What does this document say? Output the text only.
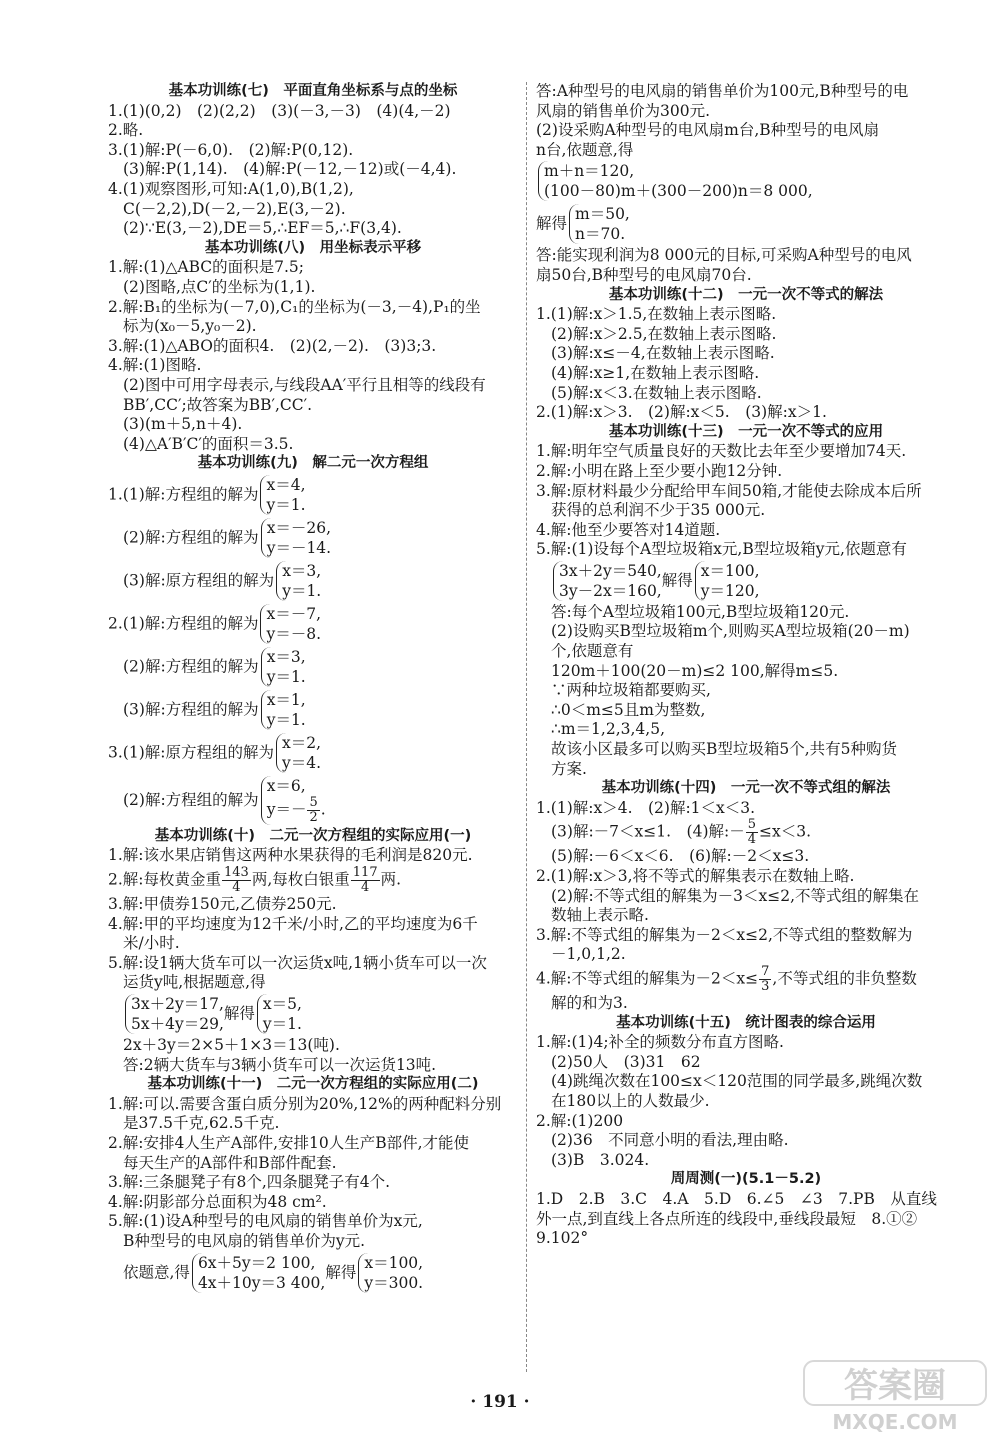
基本功训练(七)　平面直角坐标系与点的坐标
1.(1)(0,2)　(2)(2,2)　(3)(－3,－3)　(4)(4,－2)
2.略.
3.(1)解:P(－6,0).　(2)解:P(0,12).
(3)解:P(1,14).　(4)解:P(－12,－12)或(－4,4).
4.(1)观察图形,可知:A(1,0),B(1,2),
C(－2,2),D(－2,－2),E(3,－2).
(2)∵E(3,－2),DE＝5,∴EF＝5,∴F(3,4).
基本功训练(八)　用坐标表示平移
1.解:(1)△ABC的面积是7.5;
(2)图略,点C′的坐标为(1,1).
2.解:B₁的坐标为(－7,0),C₁的坐标为(－3,－4),P₁的坐
标为(x₀－5,y₀－2).
3.解:(1)△ABO的面积4.　(2)(2,－2).　(3)3;3.
4.解:(1)图略.
(2)图中可用字母表示,与线段AA′平行且相等的线段有
BB′,CC′;故答案为BB′,CC′.
(3)(m＋5,n＋4).
(4)△A′B′C′的面积＝3.5.
基本功训练(九)　解二元一次方程组
1.(1)解:方程组的解为
x＝4,
y＝1.
(2)解:方程组的解为
x＝－26,
y＝－14.
(3)解:原方程组的解为
x＝3,
y＝1.
2.(1)解:方程组的解为
x＝－7,
y＝－8.
(2)解:方程组的解为
x＝3,
y＝1.
(3)解:方程组的解为
x＝1,
y＝1.
3.(1)解:原方程组的解为
x＝2,
y＝4.
(2)解:方程组的解为
x＝6,
$y=- \frac{5}{2}$ .
基本功训练(十)　二元一次方程组的实际应用(一)
1.解:该水果店销售这两种水果获得的毛利润是820元.
2.解:每枚黄金重 $\frac{143}{4}$ 两,每枚白银重 $\frac{117}{4}$ 两.
3.解:甲债券150元,乙债券250元.
4.解:甲的平均速度为12千米/小时,乙的平均速度为6千
米/小时.
5.解:设1辆大货车可以一次运货x吨,1辆小货车可以一次
运货y吨,根据题意,得
3x＋2y＝17,
5x＋4y＝29,
解得
x＝5,
y＝1.
2x＋3y＝2×5＋1×3＝13(吨).
答:2辆大货车与3辆小货车可以一次运货13吨.
基本功训练(十一)　二元一次方程组的实际应用(二)
1.解:可以.需要含蛋白质分别为20%,12%的两种配料分别
是37.5千克,62.5千克.
2.解:安排4人生产A部件,安排10人生产B部件,才能使
每天生产的A部件和B部件配套.
3.解:三条腿凳子有8个,四条腿凳子有4个.
4.解:阴影部分总面积为48 cm².
5.解:(1)设A种型号的电风扇的销售单价为x元,
B种型号的电风扇的销售单价为y元.
依题意,得
6x＋5y＝2 100,
4x＋10y＝3 400,
解得
x＝100,
y＝300.
答:A种型号的电风扇的销售单价为100元,B种型号的电
风扇的销售单价为300元.
(2)设采购A种型号的电风扇m台,B种型号的电风扇
n台,依题意,得
m＋n＝120,
(100－80)m＋(300－200)n＝8 000,
解得
m＝50,
n＝70.
答:能实现利润为8 000元的目标,可采购A种型号的电风
扇50台,B种型号的电风扇70台.
基本功训练(十二)　一元一次不等式的解法
1.(1)解:x＞1.5,在数轴上表示图略.
(2)解:x＞2.5,在数轴上表示图略.
(3)解:x≤－4,在数轴上表示图略.
(4)解:x≥1,在数轴上表示图略.
(5)解:x＜3.在数轴上表示图略.
2.(1)解:x＞3.　(2)解:x＜5.　(3)解:x＞1.
基本功训练(十三)　一元一次不等式的应用
1.解:明年空气质量良好的天数比去年至少要增加74天.
2.解:小明在路上至少要小跑12分钟.
3.解:原材料最少分配给甲车间50箱,才能使去除成本后所
获得的总利润不少于35 000元.
4.解:他至少要答对14道题.
5.解:(1)设每个A型垃圾箱x元,B型垃圾箱y元,依题意有
3x＋2y＝540,
3y－2x＝160,
解得
x＝100,
y＝120,
答:每个A型垃圾箱100元,B型垃圾箱120元.
(2)设购买B型垃圾箱m个,则购买A型垃圾箱(20－m)
个,依题意有
120m＋100(20－m)≤2 100,解得m≤5.
∵两种垃圾箱都要购买,
∴0＜m≤5且m为整数,
∴m＝1,2,3,4,5,
故该小区最多可以购买B型垃圾箱5个,共有5种购货
方案.
基本功训练(十四)　一元一次不等式组的解法
1.(1)解:x＞4.　(2)解:1＜x＜3.
(3)解:－7＜x≤1.　(4)解:－ $\frac{5}{4} \le x<3$.
(5)解:－6＜x＜6.　(6)解:－2＜x≤3.
2.(1)解:x＞3,将不等式的解集表示在数轴上略.
(2)解:不等式组的解集为－3＜x≤2,不等式组的解集在
数轴上表示略.
3.解:不等式组的解集为－2＜x≤2,不等式组的整数解为
－1,0,1,2.
4.解:不等式组的解集为$-2<x\le \frac{7}{3}$ ,不等式组的非负整数
解的和为3.
基本功训练(十五)　统计图表的综合运用
1.解:(1)4;补全的频数分布直方图略.
(2)50人　(3)31　62
(4)跳绳次数在100≤x＜120范围的同学最多,跳绳次数
在180以上的人数最少.
2.解:(1)200
(2)36　不同意小明的看法,理由略.
(3)B　3.024.
周周测(一)(5.1－5.2)
1.D　2.B　3.C　4.A　5.D　6.∠5　∠3　7.PB　从直线
外一点,到直线上各点所连的线段中,垂线段最短　8.①②
9.102°
· 191 ·	答案圈
MXQE.COM
